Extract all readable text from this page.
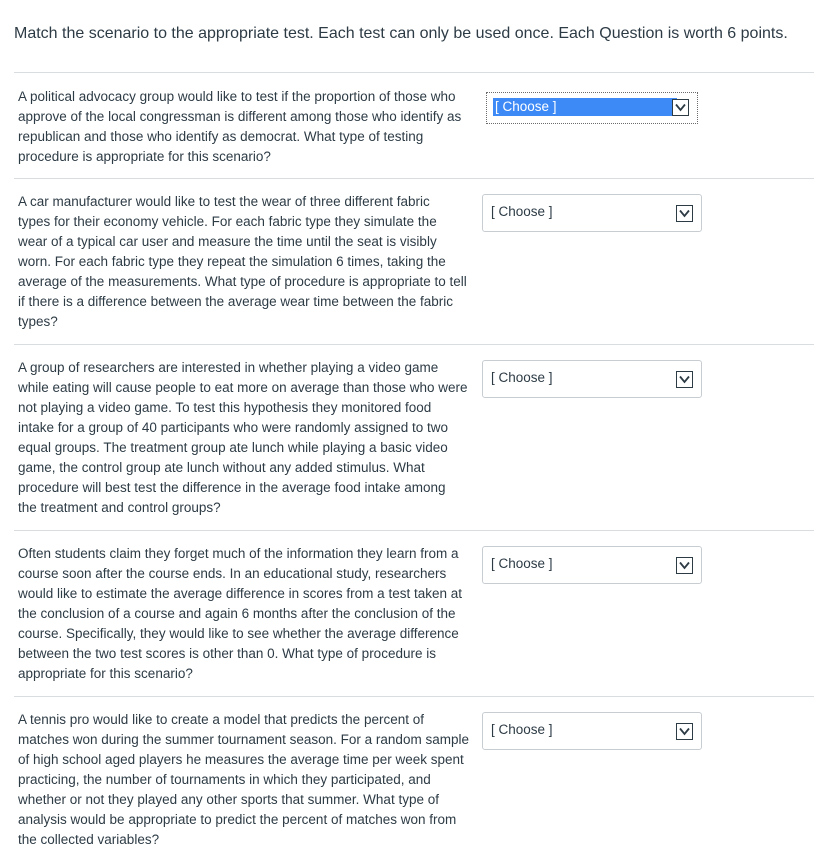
Match the scenario to the appropriate test. Each test can only be used once. Each Question is worth 6 points.
A political advocacy group would like to test if the proportion of those who
approve of the local congressman is different among those who identify as
republican and those who identify as democrat. What type of testing
procedure is appropriate for this scenario?
[ Choose ]
A car manufacturer would like to test the wear of three different fabric
types for their economy vehicle. For each fabric type they simulate the
wear of a typical car user and measure the time until the seat is visibly
worn. For each fabric type they repeat the simulation 6 times, taking the
average of the measurements. What type of procedure is appropriate to tell
if there is a difference between the average wear time between the fabric
types?
[ Choose ]
A group of researchers are interested in whether playing a video game
while eating will cause people to eat more on average than those who were
not playing a video game. To test this hypothesis they monitored food
intake for a group of 40 participants who were randomly assigned to two
equal groups. The treatment group ate lunch while playing a basic video
game, the control group ate lunch without any added stimulus. What
procedure will best test the difference in the average food intake among
the treatment and control groups?
[ Choose ]
Often students claim they forget much of the information they learn from a
course soon after the course ends. In an educational study, researchers
would like to estimate the average difference in scores from a test taken at
the conclusion of a course and again 6 months after the conclusion of the
course. Specifically, they would like to see whether the average difference
between the two test scores is other than 0. What type of procedure is
appropriate for this scenario?
[ Choose ]
A tennis pro would like to create a model that predicts the percent of
matches won during the summer tournament season. For a random sample
of high school aged players he measures the average time per week spent
practicing, the number of tournaments in which they participated, and
whether or not they played any other sports that summer. What type of
analysis would be appropriate to predict the percent of matches won from
the collected variables?
[ Choose ]
